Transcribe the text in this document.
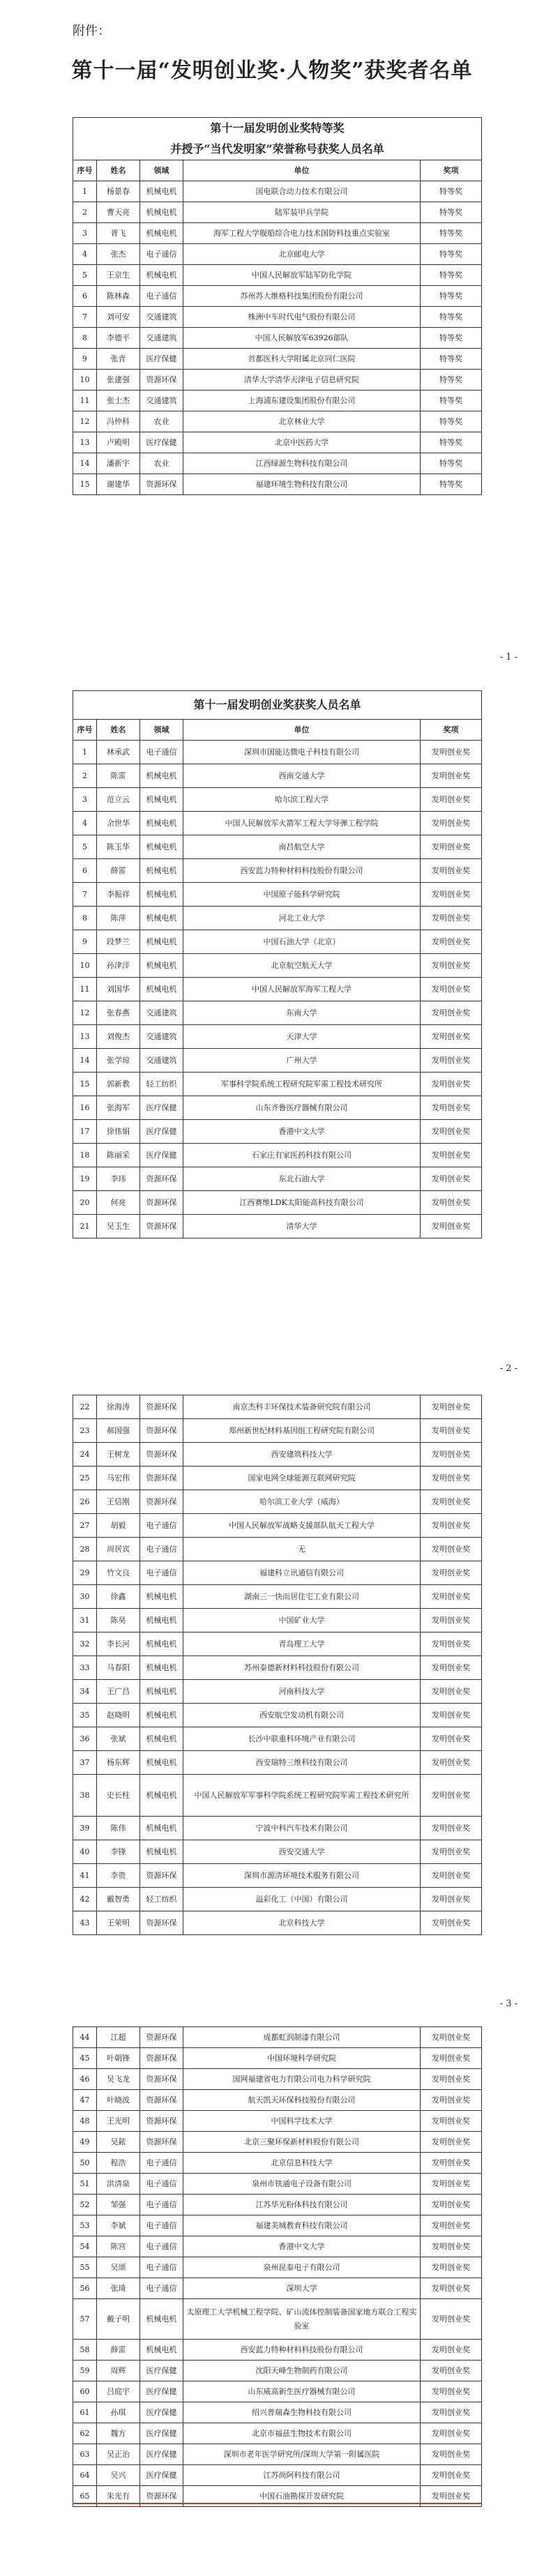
附件：
第十一届“发明创业奖·人物奖”获奖者名单
第十一届发明创业奖特等奖				
并授予“当代发明家”荣誉称号获奖人员名单				
序号	姓名	领域	单位	奖项
1	杨景春	机械电机	国电联合动力技术有限公司	特等奖
2	曹天亮	机械电机	陆军装甲兵学院	特等奖
3	胥飞	机械电机	海军工程大学舰船综合电力技术国防科技重点实验室	特等奖
4	张杰	电子通信	北京邮电大学	特等奖
5	王京生	机械电机	中国人民解放军陆军防化学院	特等奖
6	陈林森	电子通信	苏州苏大维格科技集团股份有限公司	特等奖
7	刘可安	交通建筑	株洲中车时代电气股份有限公司	特等奖
8	李德平	交通建筑	中国人民解放军63926部队	特等奖
9	张青	医疗保健	首都医科大学附属北京同仁医院	特等奖
10	张建强	资源环保	清华大学清华天津电子信息研究院	特等奖
11	张士杰	交通建筑	上海浦东建设集团股份有限公司	特等奖
12	冯仲科	农业	北京林业大学	特等奖
13	卢殿明	医疗保健	北京中医药大学	特等奖
14	潘新宇	农业	江西绿源生物科技有限公司	特等奖
15	谢建华	资源环保	福建环境生物科技有限公司	特等奖
- 1 -
第十一届发明创业奖获奖人员名单				
序号	姓名	领域	单位	奖项
1	林承武	电子通信	深圳市国能达微电子科技有限公司	发明创业奖
2	陈雷	机械电机	西南交通大学	发明创业奖
3	范立云	机械电机	哈尔滨工程大学	发明创业奖
4	余世华	机械电机	中国人民解放军火箭军工程大学导弹工程学院	发明创业奖
5	陈玉华	机械电机	南昌航空大学	发明创业奖
6	薛雷	机械电机	西安蓝力特种材料科技股份有限公司	发明创业奖
7	李振祥	机械电机	中国原子能科学研究院	发明创业奖
8	陈萍	机械电机	河北工业大学	发明创业奖
9	段梦兰	机械电机	中国石油大学（北京）	发明创业奖
10	孙津洋	机械电机	北京航空航天大学	发明创业奖
11	刘国华	机械电机	中国人民解放军海军工程大学	发明创业奖
12	张春燕	交通建筑	东南大学	发明创业奖
13	刘俊杰	交通建筑	天津大学	发明创业奖
14	张学琼	交通建筑	广州大学	发明创业奖
15	郭新教	轻工纺织	军事科学院系统工程研究院军需工程技术研究所	发明创业奖
16	张海军	医疗保健	山东齐鲁医疗器械有限公司	发明创业奖
17	徐伟娟	医疗保健	香港中文大学	发明创业奖
18	陈丽采	医疗保健	石家庄有家医药科技有限公司	发明创业奖
19	李玮	资源环保	东北石油大学	发明创业奖
20	何亮	资源环保	江西赛维LDK太阳能高科技有限公司	发明创业奖
21	吴玉生	资源环保	清华大学	发明创业奖
- 2 -
22	徐海涛	资源环保	南京杰科丰环保技术装备研究院有限公司	发明创业奖
23	郝国强	资源环保	郑州新世纪材料基因组工程研究院有限公司	发明创业奖
24	王树龙	资源环保	西安建筑科技大学	发明创业奖
25	马宏伟	资源环保	国家电网全球能源互联网研究院	发明创业奖
26	王信刚	资源环保	哈尔滨工业大学（威海）	发明创业奖
27	胡毅	电子通信	中国人民解放军战略支援部队航天工程大学	发明创业奖
28	周居宾	电子通信	无	发明创业奖
29	竹文良	电子通信	福建科立讯通信有限公司	发明创业奖
30	徐鑫	机械电机	湖南三一快而居住宅工业有限公司	发明创业奖
31	陈昊	机械电机	中国矿业大学	发明创业奖
32	李长河	机械电机	青岛理工大学	发明创业奖
33	马春阳	机械电机	苏州泰德新材料科技股份有限公司	发明创业奖
34	王广昌	机械电机	河南科技大学	发明创业奖
35	赵晓明	机械电机	西安航空发动机有限公司	发明创业奖
36	张斌	机械电机	长沙中联重科环境产业有限公司	发明创业奖
37	杨东辉	机械电机	西安瑞特三维科技有限公司	发明创业奖
38	史长柱	机械电机	中国人民解放军军事科学院系统工程研究院军需工程技术研究所	发明创业奖
39	陈伟	机械电机	宁波中科汽车技术有限公司	发明创业奖
40	李锋	机械电机	西安交通大学	发明创业奖
41	李贵	资源环保	深圳市源清环境技术服务有限公司	发明创业奖
42	戴智勇	轻工纺织	溢彩化工（中国）有限公司	发明创业奖
43	王荣明	资源环保	北京科技大学	发明创业奖
- 3 -
44	江超	资源环保	成都虹润制漆有限公司	发明创业奖
45	叶朝锋	资源环保	中国环境科学研究院	发明创业奖
46	吴飞龙	资源环保	国网福建省电力有限公司电力科学研究院	发明创业奖
47	叶晓波	资源环保	航天凯天环保科技股份有限公司	发明创业奖
48	王光明	资源环保	中国科学技术大学	发明创业奖
49	吴銥	资源环保	北京三聚环保新材料股份有限公司	发明创业奖
50	程浩	电子通信	北京信息科技大学	发明创业奖
51	洪清泉	电子通信	泉州市铁通电子设备有限公司	发明创业奖
52	邹强	电子通信	江苏华光粉体科技有限公司	发明创业奖
53	李斌	电子通信	福建美城教育科技有限公司	发明创业奖
54	陈宫	电子通信	香港中文大学	发明创业奖
55	吴颂	电子通信	泉州昆泰电子有限公司	发明创业奖
56	张琦	电子通信	深圳大学	发明创业奖
57	戴子明	机械电机	太原理工大学机械工程学院、矿山流体控制装备国家地方联合工程实验室	发明创业奖
58	薛雷	机械电机	西安蓝力特种材料科技股份有限公司	发明创业奖
59	周辉	医疗保健	沈阳天峰生物制药有限公司	发明创业奖
60	吕庭宇	医疗保健	山东威高新生医疗器械有限公司	发明创业奖
61	孙琪	医疗保健	绍兴普瑞森生物科技有限公司	发明创业奖
62	魏方	医疗保健	北京市福兹生物技术有限公司	发明创业奖
63	吴正治	医疗保健	深圳市老年医学研究所/深圳大学第一附属医院	发明创业奖
64	吴兴	医疗保健	江苏尚阿科技有限公司	发明创业奖
65	朱光有	资源环保	中国石油勘探开发研究院	发明创业奖
